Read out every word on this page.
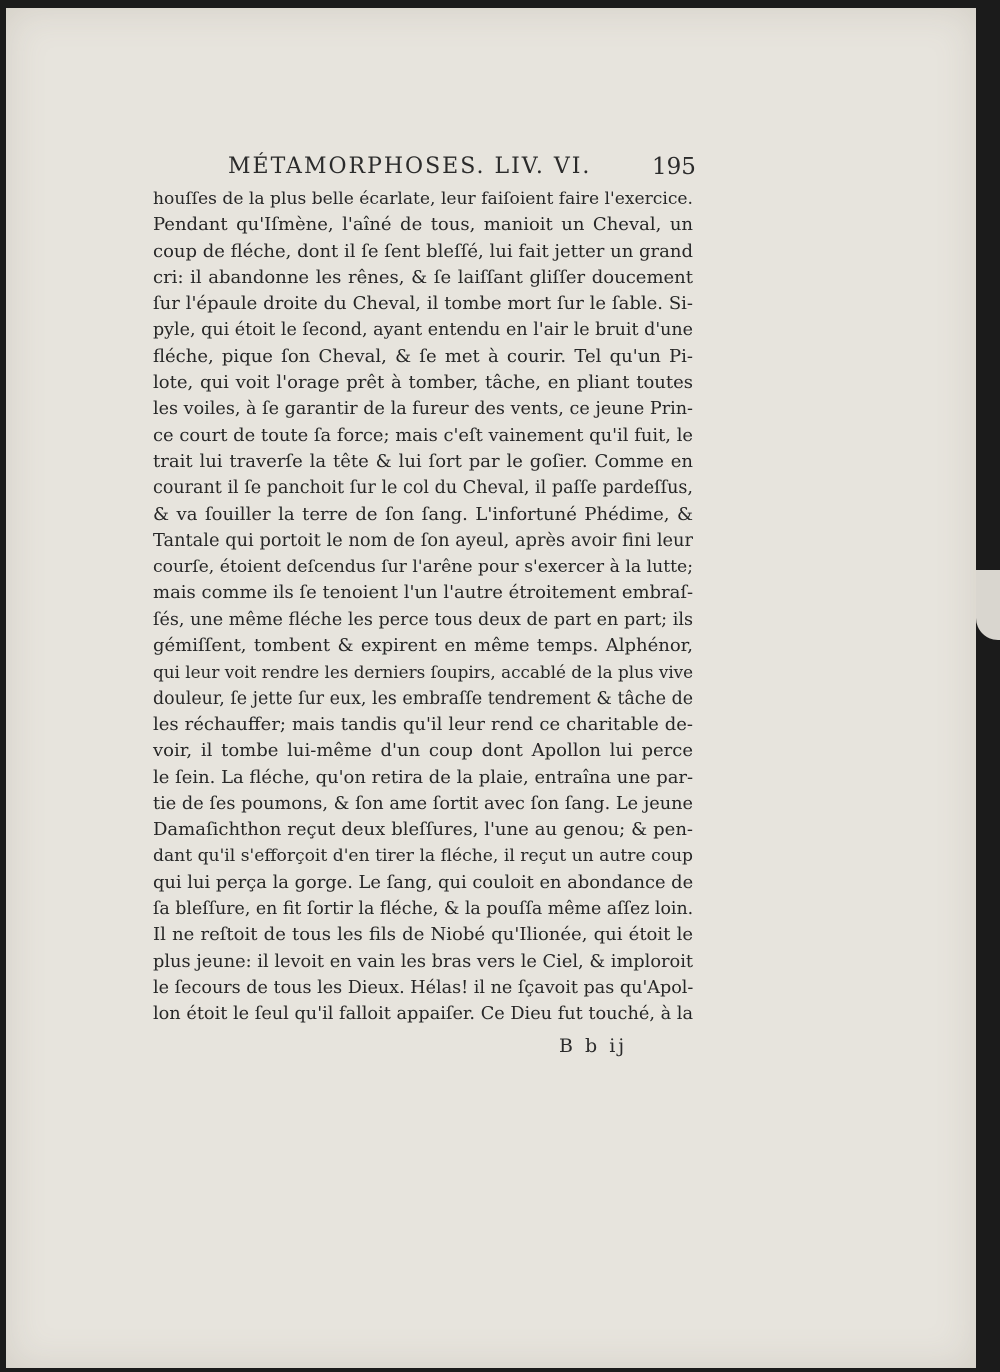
MÉTAMORPHOSES. LIV. VI.	195
houſſes de la plus belle écarlate, leur faiſoient faire l'exercice.
Pendant qu'Iſmène, l'aîné de tous, manioit un Cheval, un
coup de fléche, dont il ſe ſent bleſſé, lui fait jetter un grand
cri: il abandonne les rênes, & ſe laiſſant gliſſer doucement
ſur l'épaule droite du Cheval, il tombe mort ſur le ſable. Si-
pyle, qui étoit le ſecond, ayant entendu en l'air le bruit d'une
fléche, pique ſon Cheval, & ſe met à courir. Tel qu'un Pi-
lote, qui voit l'orage prêt à tomber, tâche, en pliant toutes
les voiles, à ſe garantir de la fureur des vents, ce jeune Prin-
ce court de toute ſa force; mais c'eſt vainement qu'il fuit, le
trait lui traverſe la tête & lui ſort par le goſier. Comme en
courant il ſe panchoit ſur le col du Cheval, il paſſe pardeſſus,
& va ſouiller la terre de ſon ſang. L'infortuné Phédime, &
Tantale qui portoit le nom de ſon ayeul, après avoir fini leur
courſe, étoient deſcendus ſur l'arêne pour s'exercer à la lutte;
mais comme ils ſe tenoient l'un l'autre étroitement embraſ-
ſés, une même fléche les perce tous deux de part en part; ils
gémiſſent, tombent & expirent en même temps. Alphénor,
qui leur voit rendre les derniers ſoupirs, accablé de la plus vive
douleur, ſe jette ſur eux, les embraſſe tendrement & tâche de
les réchauffer; mais tandis qu'il leur rend ce charitable de-
voir, il tombe lui-même d'un coup dont Apollon lui perce
le ſein. La fléche, qu'on retira de la plaie, entraîna une par-
tie de ſes poumons, & ſon ame ſortit avec ſon ſang. Le jeune
Damaſichthon reçut deux bleſſures, l'une au genou; & pen-
dant qu'il s'efforçoit d'en tirer la fléche, il reçut un autre coup
qui lui perça la gorge. Le ſang, qui couloit en abondance de
ſa bleſſure, en fit ſortir la fléche, & la pouſſa même aſſez loin.
Il ne reſtoit de tous les fils de Niobé qu'Ilionée, qui étoit le
plus jeune: il levoit en vain les bras vers le Ciel, & imploroit
le ſecours de tous les Dieux. Hélas! il ne ſçavoit pas qu'Apol-
lon étoit le ſeul qu'il falloit appaiſer. Ce Dieu fut touché, à la
B b ij
